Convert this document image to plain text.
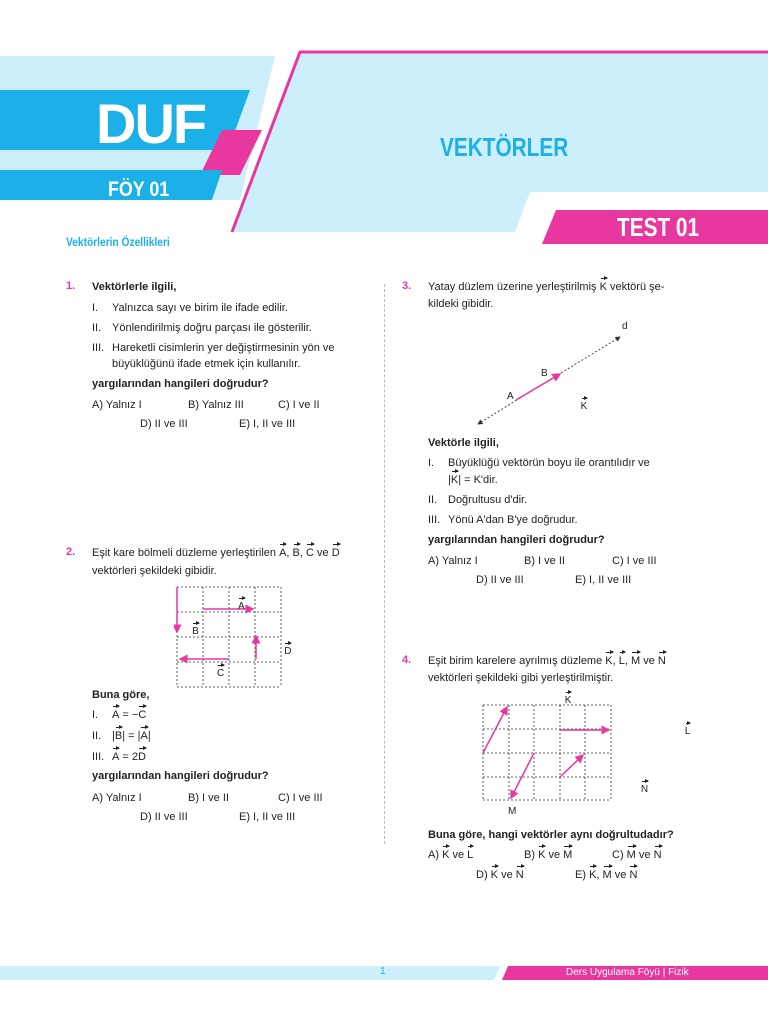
DUF
FÖY 01
VEKTÖRLER
TEST 01
Vektörlerin Özellikleri
1. Vektörlerle ilgili,
I. Yalnızca sayı ve birim ile ifade edilir.
II. Yönlendirilmiş doğru parçası ile gösterilir.
III. Hareketli cisimlerin yer değiştirmesinin yön ve
büyüklüğünü ifade etmek için kullanılır.
yargılarından hangileri doğrudur?
A) Yalnız I	B) Yalnız III	C) I ve II
D) II ve III	E) I, II ve III
2. Eşit kare bölmeli düzleme yerleştirilen A, B, C ve D
vektörleri şekildeki gibidir.
A B D C
Buna göre,
I. A = −C
II. |B| = |A|
III. A = 2D
yargılarından hangileri doğrudur?
A) Yalnız I	B) I ve II	C) I ve III
D) II ve III	E) I, II ve III
3. Yatay düzlem üzerine yerleştirilmiş K vektörü şe-
kildeki gibidir.
d
B
A
K
Vektörle ilgili,
I. Büyüklüğü vektörün boyu ile orantılıdır ve
|K| = K'dir.
II. Doğrultusu d'dir.
III. Yönü A'dan B'ye doğrudur.
yargılarından hangileri doğrudur?
A) Yalnız I	B) I ve II	C) I ve III
D) II ve III	E) I, II ve III
4. Eşit birim karelere ayrılmış düzleme K, L, M ve N
vektörleri şekildeki gibi yerleştirilmiştir.
K L N
M
Buna göre, hangi vektörler aynı doğrultudadır?
A) K ve L	B) K ve M	C) M ve N
D) K ve N	E) K, M ve N
1	Ders Uygulama Föyü | Fizik
